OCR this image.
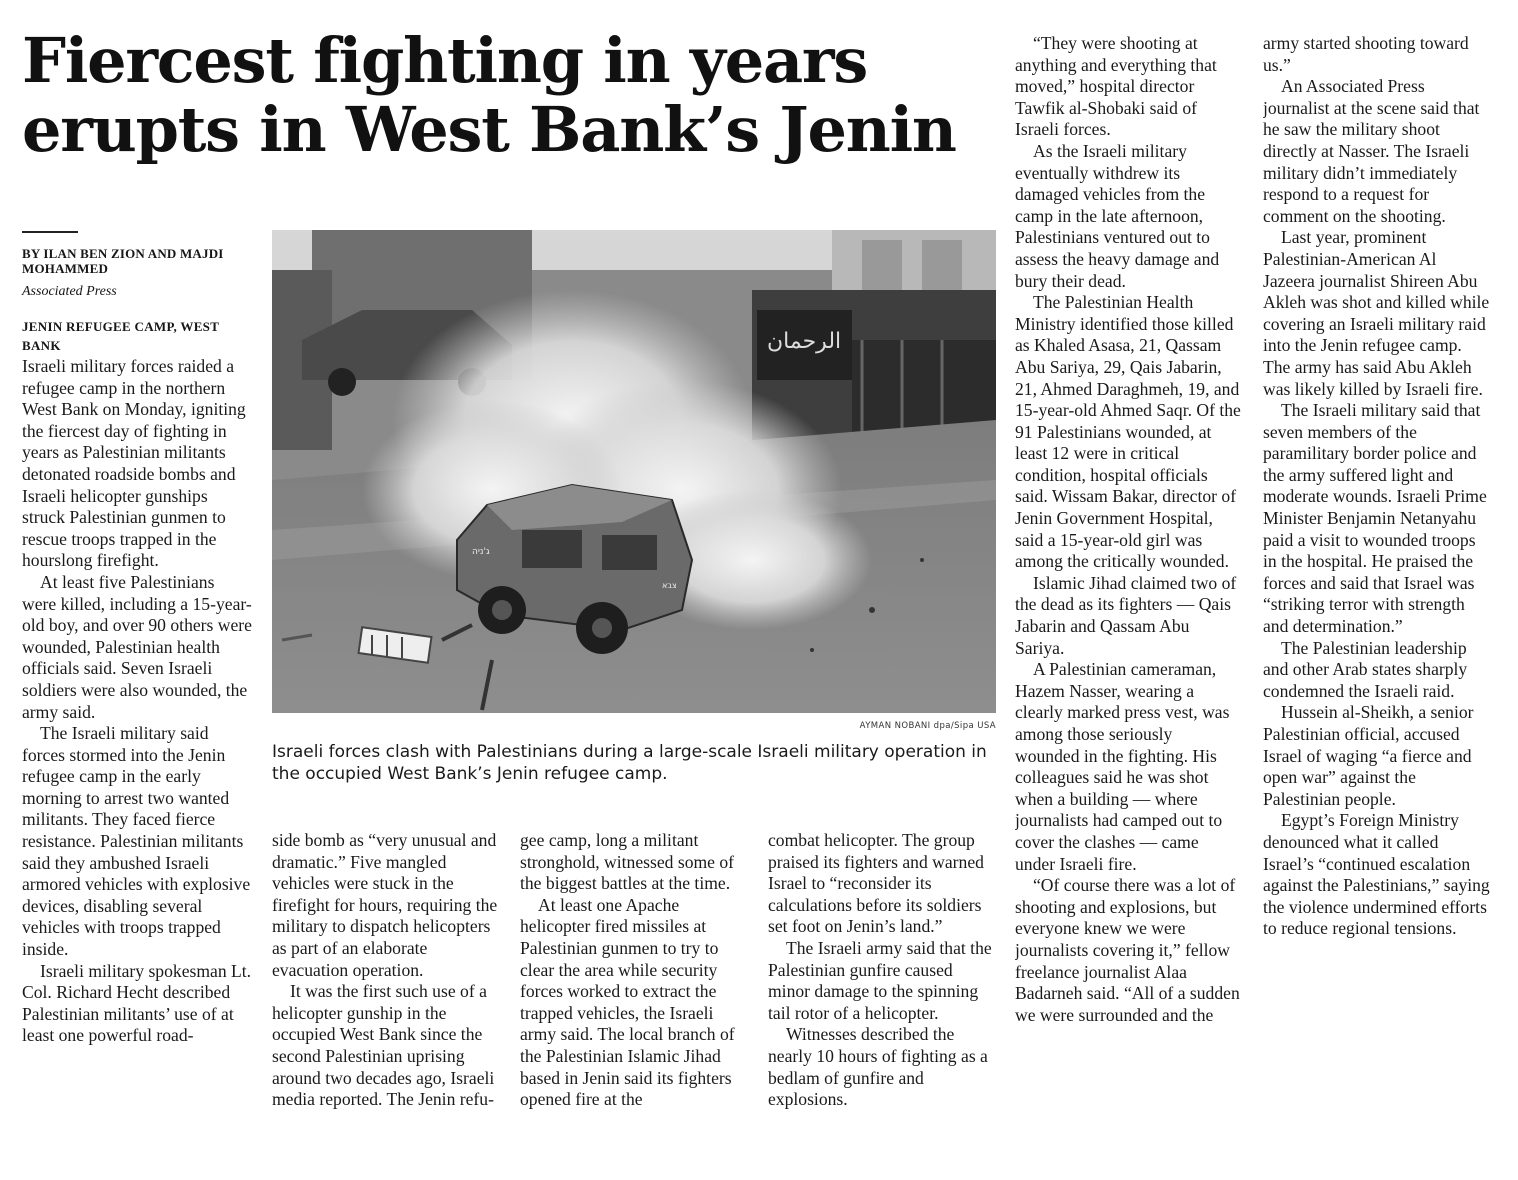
Fiercest fighting in years erupts in West Bank’s Jenin
BY ILAN BEN ZION AND MAJDI MOHAMMED
Associated Press
JENIN REFUGEE CAMP, WEST BANK

Israeli military forces raided a refugee camp in the northern West Bank on Monday, igniting the fiercest day of fighting in years as Palestinian militants detonated roadside bombs and Israeli helicopter gunships struck Palestinian gunmen to rescue troops trapped in the hourslong firefight.

At least five Palestinians were killed, including a 15-year-old boy, and over 90 others were wounded, Palestinian health officials said. Seven Israeli soldiers were also wounded, the army said.

The Israeli military said forces stormed into the Jenin refugee camp in the early morning to arrest two wanted militants. They faced fierce resistance. Palestinian militants said they ambushed Israeli armored vehicles with explosive devices, disabling several vehicles with troops trapped inside.

Israeli military spokesman Lt. Col. Richard Hecht described Palestinian militants’ use of at least one powerful road-

الرحمان
ג'ניה
צבא
AYMAN NOBANI dpa/Sipa USA
Israeli forces clash with Palestinians during a large-scale Israeli military operation in the occupied West Bank’s Jenin refugee camp.

side bomb as “very unusual and dramatic.” Five mangled vehicles were stuck in the firefight for hours, requiring the military to dispatch helicopters as part of an elaborate evacuation operation.

It was the first such use of a helicopter gunship in the occupied West Bank since the second Palestinian uprising around two decades ago, Israeli media reported. The Jenin refu-

gee camp, long a militant stronghold, witnessed some of the biggest battles at the time.

At least one Apache helicopter fired missiles at Palestinian gunmen to try to clear the area while security forces worked to extract the trapped vehicles, the Israeli army said. The local branch of the Palestinian Islamic Jihad based in Jenin said its fighters opened fire at the

combat helicopter. The group praised its fighters and warned Israel to “reconsider its calculations before its soldiers set foot on Jenin’s land.”

The Israeli army said that the Palestinian gunfire caused minor damage to the spinning tail rotor of a helicopter.

Witnesses described the nearly 10 hours of fighting as a bedlam of gunfire and explosions.

“They were shooting at anything and everything that moved,” hospital director Tawfik al-Shobaki said of Israeli forces.

As the Israeli military eventually withdrew its damaged vehicles from the camp in the late afternoon, Palestinians ventured out to assess the heavy damage and bury their dead.

The Palestinian Health Ministry identified those killed as Khaled Asasa, 21, Qassam Abu Sariya, 29, Qais Jabarin, 21, Ahmed Daraghmeh, 19, and 15-year-old Ahmed Saqr. Of the 91 Palestinians wounded, at least 12 were in critical condition, hospital officials said. Wissam Bakar, director of Jenin Government Hospital, said a 15-year-old girl was among the critically wounded.

Islamic Jihad claimed two of the dead as its fighters — Qais Jabarin and Qassam Abu Sariya.

A Palestinian cameraman, Hazem Nasser, wearing a clearly marked press vest, was among those seriously wounded in the fighting. His colleagues said he was shot when a building — where journalists had camped out to cover the clashes — came under Israeli fire.

“Of course there was a lot of shooting and explosions, but everyone knew we were journalists covering it,” fellow freelance journalist Alaa Badarneh said. “All of a sudden we were surrounded and the

army started shooting toward us.”

An Associated Press journalist at the scene said that he saw the military shoot directly at Nasser. The Israeli military didn’t immediately respond to a request for comment on the shooting.

Last year, prominent Palestinian-American Al Jazeera journalist Shireen Abu Akleh was shot and killed while covering an Israeli military raid into the Jenin refugee camp. The army has said Abu Akleh was likely killed by Israeli fire.

The Israeli military said that seven members of the paramilitary border police and the army suffered light and moderate wounds. Israeli Prime Minister Benjamin Netanyahu paid a visit to wounded troops in the hospital. He praised the forces and said that Israel was “striking terror with strength and determination.”

The Palestinian leadership and other Arab states sharply condemned the Israeli raid.

Hussein al-Sheikh, a senior Palestinian official, accused Israel of waging “a fierce and open war” against the Palestinian people.

Egypt’s Foreign Ministry denounced what it called Israel’s “continued escalation against the Palestinians,” saying the violence undermined efforts to reduce regional tensions.
